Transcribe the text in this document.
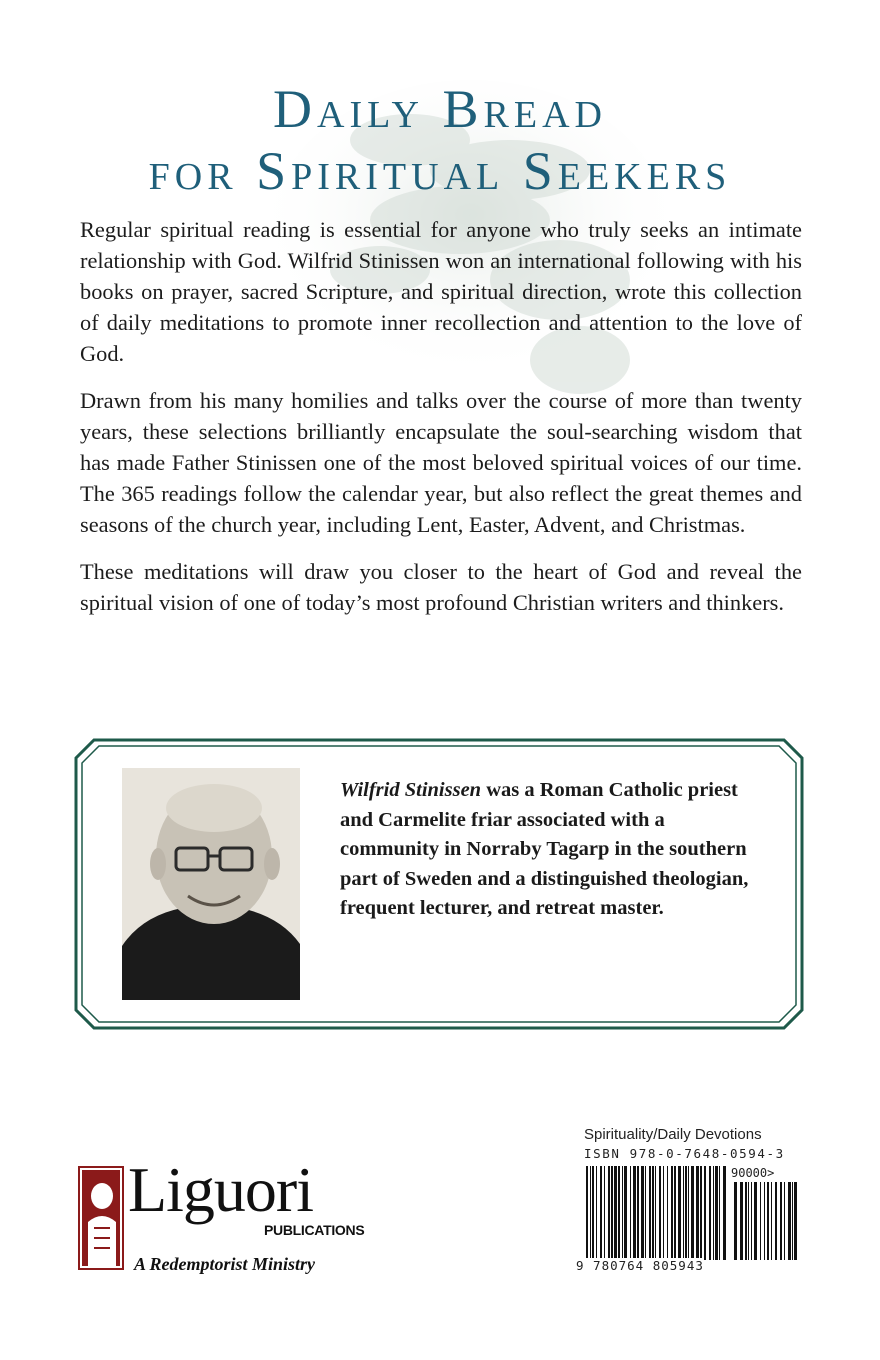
Daily Bread
for Spiritual Seekers

Regular spiritual reading is essential for anyone who truly seeks an intimate relationship with God. Wilfrid Stinissen won an international following with his books on prayer, sacred Scripture, and spiritual direction, wrote this collection of daily meditations to promote inner recollection and attention to the love of God.

Drawn from his many homilies and talks over the course of more than twenty years, these selections brilliantly encapsulate the soul-searching wisdom that has made Father Stinissen one of the most beloved spiritual voices of our time. The 365 readings follow the calendar year, but also reflect the great themes and seasons of the church year, including Lent, Easter, Advent, and Christmas.

These meditations will draw you closer to the heart of God and reveal the spiritual vision of one of today’s most profound Christian writers and thinkers.

Wilfrid Stinissen was a Roman Catholic priest and Carmelite friar associated with a community in Norraby Tagarp in the southern part of Sweden and a distinguished theologian, frequent lecturer, and retreat master.
Liguori
PUBLICATIONS
A Redemptorist Ministry
Spirituality/Daily Devotions
ISBN 978-0-7648-0594-3
90000>
9 780764 805943
